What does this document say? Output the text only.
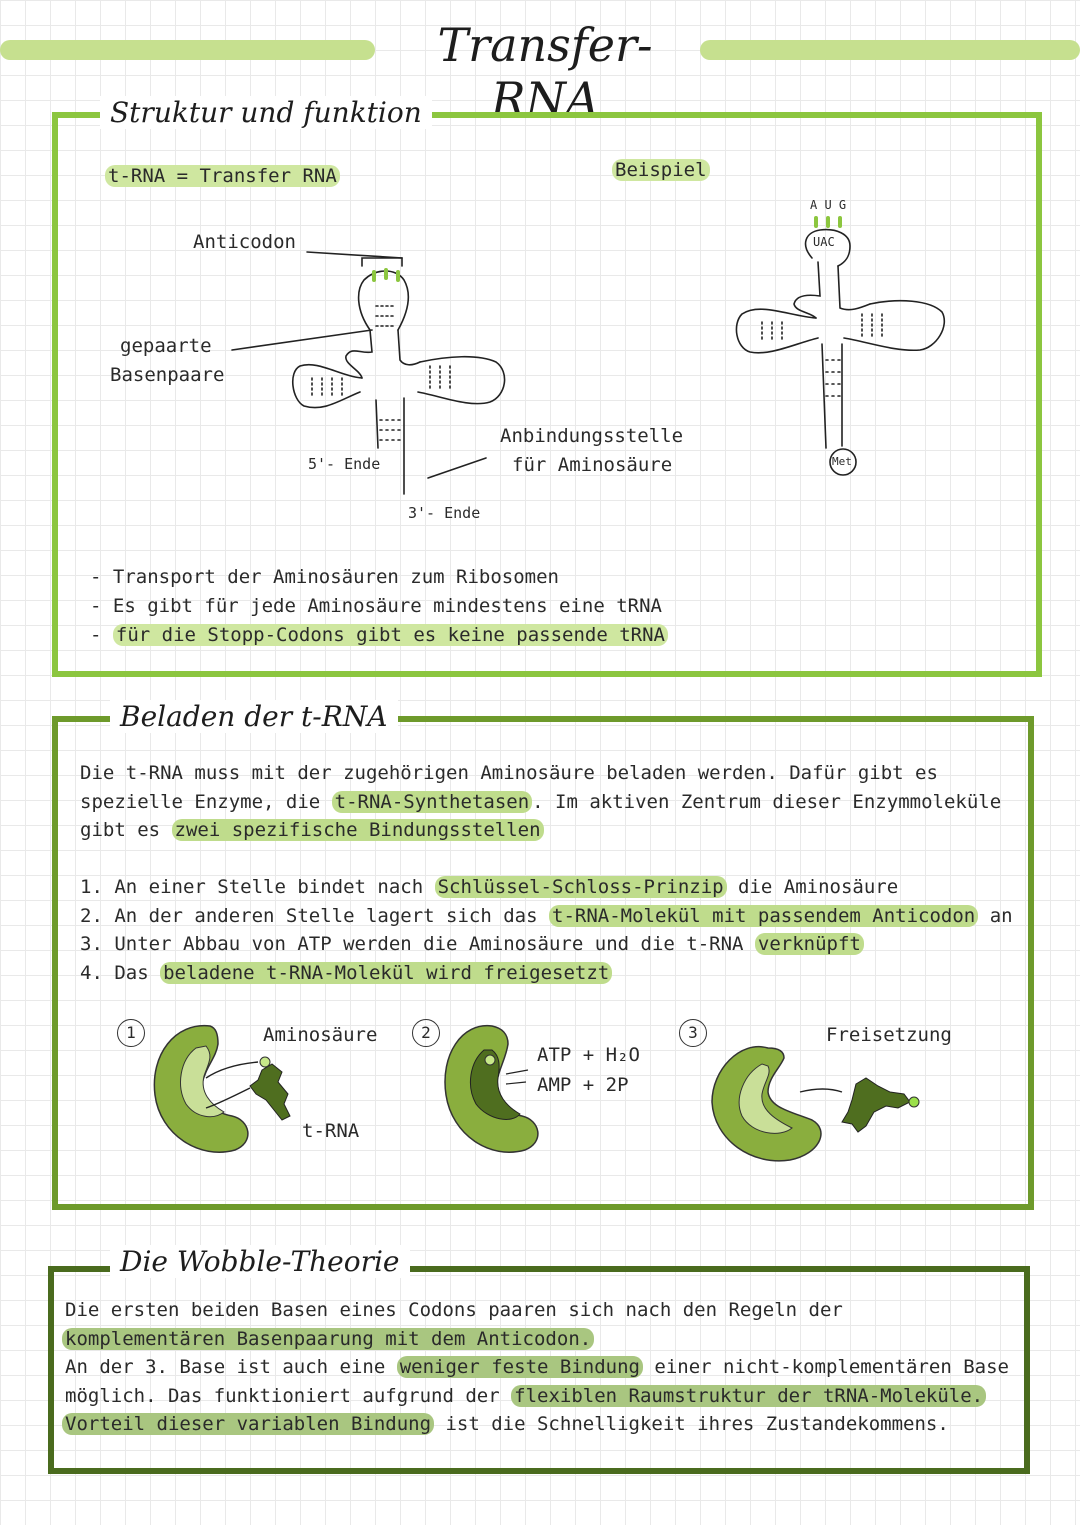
Transfer-RNA
Struktur und funktion
t-RNA = Transfer RNA	Beispiel
Anticodon
gepaarte
Basenpaare
5'- Ende
3'- Ende
Anbindungsstelle
für Aminosäure
A U G
UAC
Met
- Transport der Aminosäuren zum Ribosomen
- Es gibt für jede Aminosäure mindestens eine tRNA
- für die Stopp-Codons gibt es keine passende tRNA
Beladen der t-RNA
Die t-RNA muss mit der zugehörigen Aminosäure beladen werden. Dafür gibt es
spezielle Enzyme, die t-RNA-Synthetasen . Im aktiven Zentrum dieser Enzymmoleküle
gibt es zwei spezifische Bindungsstellen
1. An einer Stelle bindet nach Schlüssel-Schloss-Prinzip die Aminosäure
2. An der anderen Stelle lagert sich das t-RNA-Molekül mit passendem Anticodon an
3. Unter Abbau von ATP werden die Aminosäure und die t-RNA verknüpft
4. Das beladene t-RNA-Molekül wird freigesetzt
1	2	3
Aminosäure
t-RNA
ATP + H₂O
AMP + 2P
Freisetzung
Die Wobble-Theorie
Die ersten beiden Basen eines Codons paaren sich nach den Regeln der
komplementären Basenpaarung mit dem Anticodon.
An der 3. Base ist auch eine weniger feste Bindung einer nicht-komplementären Base
möglich. Das funktioniert aufgrund der flexiblen Raumstruktur der tRNA-Moleküle.
Vorteil dieser variablen Bindung ist die Schnelligkeit ihres Zustandekommens.
